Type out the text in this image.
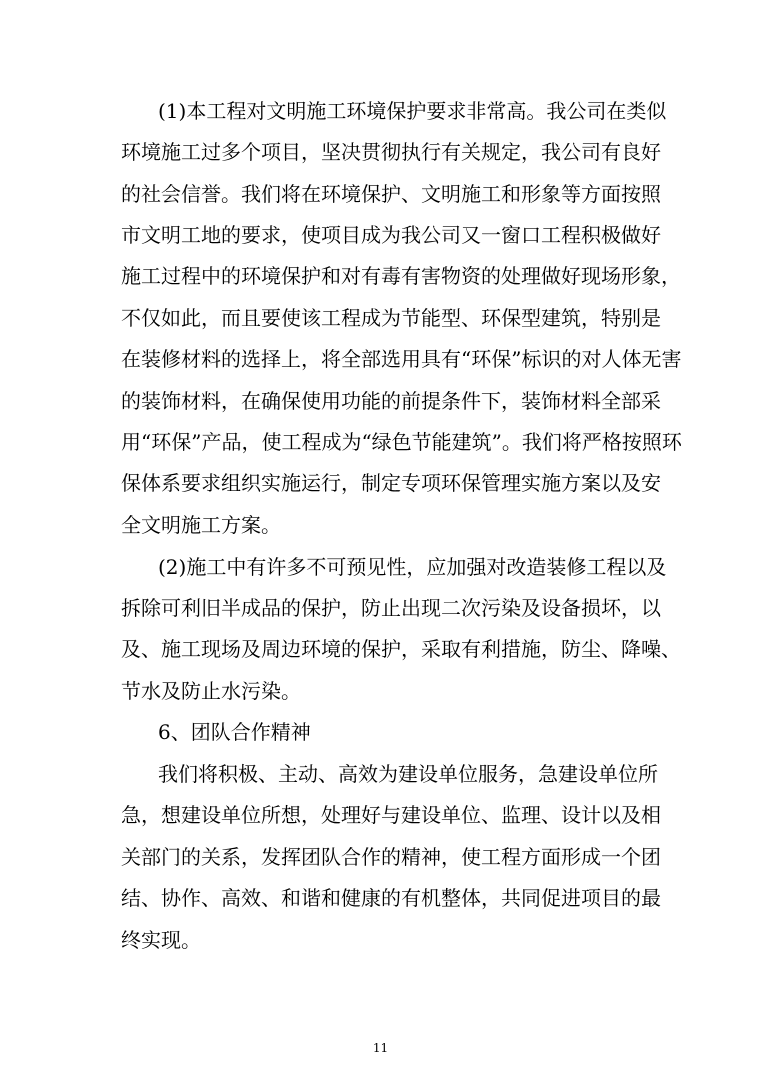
(1)本工程对文明施工环境保护要求非常高。我公司在类似
环境施工过多个项目，坚决贯彻执行有关规定，我公司有良好
的社会信誉。我们将在环境保护、文明施工和形象等方面按照
市文明工地的要求，使项目成为我公司又一窗口工程积极做好
施工过程中的环境保护和对有毒有害物资的处理做好现场形象，
不仅如此，而且要使该工程成为节能型、环保型建筑，特别是
在装修材料的选择上，将全部选用具有“环保”标识的对人体无害
的装饰材料，在确保使用功能的前提条件下，装饰材料全部采
用“环保”产品，使工程成为“绿色节能建筑”。我们将严格按照环
保体系要求组织实施运行，制定专项环保管理实施方案以及安
全文明施工方案。
(2)施工中有许多不可预见性，应加强对改造装修工程以及
拆除可利旧半成品的保护，防止出现二次污染及设备损坏，以
及、施工现场及周边环境的保护，采取有利措施，防尘、降噪、
节水及防止水污染。
6、团队合作精神
我们将积极、主动、高效为建设单位服务，急建设单位所
急，想建设单位所想，处理好与建设单位、监理、设计以及相
关部门的关系，发挥团队合作的精神，使工程方面形成一个团
结、协作、高效、和谐和健康的有机整体，共同促进项目的最
终实现。
11
